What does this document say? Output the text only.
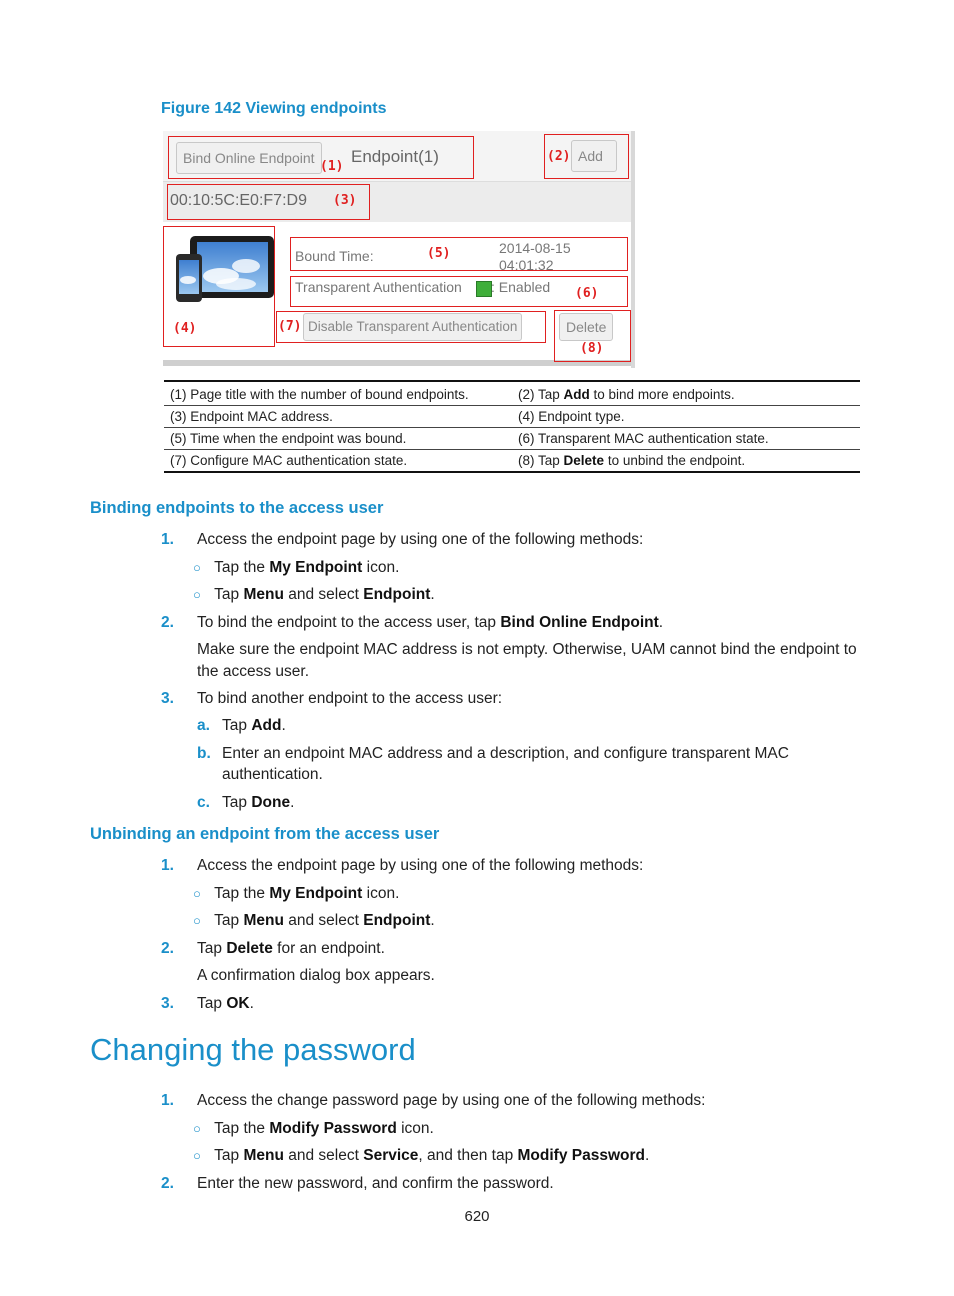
Figure 142 Viewing endpoints
Bind Online Endpoint
(1)
Endpoint(1)	(2) Add
00:10:5C:E0:F7:D9 (3)
(4)
Bound Time:	(5)	2014-08-15
04:01:32
Transparent Authentication : Enabled (6)
(7) Disable Transparent Authentication	Delete
(8)
(1) Page title with the number of bound endpoints.	(2) Tap Add to bind more endpoints.
(3) Endpoint MAC address.	(4) Endpoint type.
(5) Time when the endpoint was bound.	(6) Transparent MAC authentication state.
(7) Configure MAC authentication state.	(8) Tap Delete to unbind the endpoint.
Binding endpoints to the access user
1. Access the endpoint page by using one of the following methods:
○ Tap the My Endpoint icon.
○ Tap Menu and select Endpoint.
2. To bind the endpoint to the access user, tap Bind Online Endpoint.
Make sure the endpoint MAC address is not empty. Otherwise, UAM cannot bind the endpoint to
the access user.
3. To bind another endpoint to the access user:
a. Tap Add.
b. Enter an endpoint MAC address and a description, and configure transparent MAC
authentication.
c. Tap Done.
Unbinding an endpoint from the access user
1. Access the endpoint page by using one of the following methods:
○ Tap the My Endpoint icon.
○ Tap Menu and select Endpoint.
2. Tap Delete for an endpoint.
A confirmation dialog box appears.
3. Tap OK.
Changing the password
1. Access the change password page by using one of the following methods:
○ Tap the Modify Password icon.
○ Tap Menu and select Service, and then tap Modify Password.
2. Enter the new password, and confirm the password.
620
